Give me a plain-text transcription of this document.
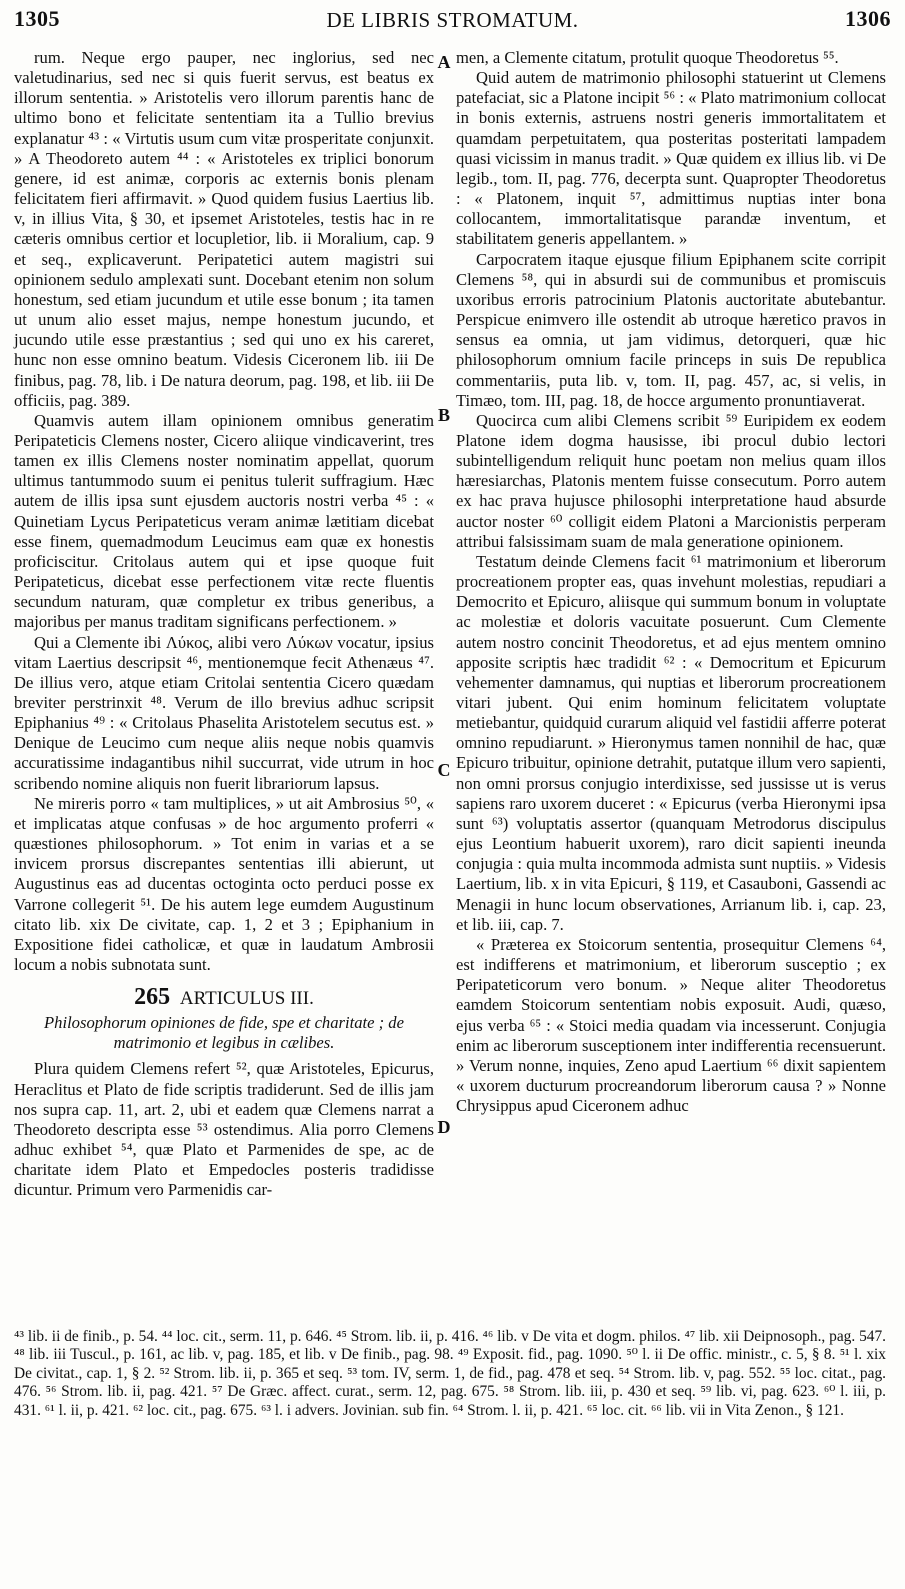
1305	DE LIBRIS STROMATUM.	1306

rum. Neque ergo pauper, nec inglorius, sed nec valetudinarius, sed nec si quis fuerit servus, est beatus ex illorum sententia. » Aristotelis vero illorum parentis hanc de ultimo bono et felicitate sententiam ita a Tullio brevius explanatur ⁴³ : « Virtutis usum cum vitæ prosperitate conjunxit. » A Theodoreto autem ⁴⁴ : « Aristoteles ex triplici bonorum genere, id est animæ, corporis ac externis bonis plenam felicitatem fieri affirmavit. » Quod quidem fusius Laertius lib. v, in illius Vita, § 30, et ipsemet Aristoteles, testis hac in re cæteris omnibus certior et locupletior, lib. ii Moralium, cap. 9 et seq., explicaverunt. Peripatetici autem magistri sui opinionem sedulo amplexati sunt. Docebant etenim non solum honestum, sed etiam jucundum et utile esse bonum ; ita tamen ut unum alio esset majus, nempe honestum jucundo, et jucundo utile esse præstantius ; sed qui uno ex his careret, hunc non esse omnino beatum. Videsis Ciceronem lib. iii De finibus, pag. 78, lib. i De natura deorum, pag. 198, et lib. iii De officiis, pag. 389.

Quamvis autem illam opinionem omnibus generatim Peripateticis Clemens noster, Cicero aliique vindicaverint, tres tamen ex illis Clemens noster nominatim appellat, quorum ultimus tantummodo suum ei penitus tulerit suffragium. Hæc autem de illis ipsa sunt ejusdem auctoris nostri verba ⁴⁵ : « Quinetiam Lycus Peripateticus veram animæ lætitiam dicebat esse finem, quemadmodum Leucimus eam quæ ex honestis proficiscitur. Critolaus autem qui et ipse quoque fuit Peripateticus, dicebat esse perfectionem vitæ recte fluentis secundum naturam, quæ completur ex tribus generibus, a majoribus per manus traditam significans perfectionem. »

Qui a Clemente ibi Λύκος, alibi vero Λύκων vocatur, ipsius vitam Laertius descripsit ⁴⁶, mentionemque fecit Athenæus ⁴⁷. De illius vero, atque etiam Critolai sententia Cicero quædam breviter perstrinxit ⁴⁸. Verum de illo brevius adhuc scripsit Epiphanius ⁴⁹ : « Critolaus Phaselita Aristotelem secutus est. » Denique de Leucimo cum neque aliis neque nobis quamvis accuratissime indagantibus nihil succurrat, vide utrum in hoc scribendo nomine aliquis non fuerit librariorum lapsus.

Ne mireris porro « tam multiplices, » ut ait Ambrosius ⁵⁰, « et implicatas atque confusas » de hoc argumento proferri « quæstiones philosophorum. » Tot enim in varias et a se invicem prorsus discrepantes sententias illi abierunt, ut Augustinus eas ad ducentas octoginta octo perduci posse ex Varrone collegerit ⁵¹. De his autem lege eumdem Augustinum citato lib. xix De civitate, cap. 1, 2 et 3 ; Epiphanium in Expositione fidei catholicæ, et quæ in laudatum Ambrosii locum a nobis subnotata sunt.

265 ARTICULUS III.
Philosophorum opiniones de fide, spe et charitate ; de matrimonio et legibus in cælibes.

Plura quidem Clemens refert ⁵², quæ Aristoteles, Epicurus, Heraclitus et Plato de fide scriptis tradiderunt. Sed de illis jam nos supra cap. 11, art. 2, ubi et eadem quæ Clemens narrat a Theodoreto descripta esse ⁵³ ostendimus. Alia porro Clemens adhuc exhibet ⁵⁴, quæ Plato et Parmenides de spe, ac de charitate idem Plato et Empedocles posteris tradidisse dicuntur. Primum vero Parmenidis car-

A
B
C
D

men, a Clemente citatum, protulit quoque Theodoretus ⁵⁵.

Quid autem de matrimonio philosophi statuerint ut Clemens patefaciat, sic a Platone incipit ⁵⁶ : « Plato matrimonium collocat in bonis externis, astruens nostri generis immortalitatem et quamdam perpetuitatem, qua posteritas posteritati lampadem quasi vicissim in manus tradit. » Quæ quidem ex illius lib. vi De legib., tom. II, pag. 776, decerpta sunt. Quapropter Theodoretus : « Platonem, inquit ⁵⁷, admittimus nuptias inter bona collocantem, immortalitatisque parandæ inventum, et stabilitatem generis appellantem. »

Carpocratem itaque ejusque filium Epiphanem scite corripit Clemens ⁵⁸, qui in absurdi sui de communibus et promiscuis uxoribus erroris patrocinium Platonis auctoritate abutebantur. Perspicue enimvero ille ostendit ab utroque hæretico pravos in sensus ea omnia, ut jam vidimus, detorqueri, quæ hic philosophorum omnium facile princeps in suis De republica commentariis, puta lib. v, tom. II, pag. 457, ac, si velis, in Timæo, tom. III, pag. 18, de hocce argumento pronuntiaverat.

Quocirca cum alibi Clemens scribit ⁵⁹ Euripidem ex eodem Platone idem dogma hausisse, ibi procul dubio lectori subintelligendum reliquit hunc poetam non melius quam illos hæresiarchas, Platonis mentem fuisse consecutum. Porro autem ex hac prava hujusce philosophi interpretatione haud absurde auctor noster ⁶⁰ colligit eidem Platoni a Marcionistis perperam attribui falsissimam suam de mala generatione opinionem.

Testatum deinde Clemens facit ⁶¹ matrimonium et liberorum procreationem propter eas, quas invehunt molestias, repudiari a Democrito et Epicuro, aliisque qui summum bonum in voluptate ac molestiæ et doloris vacuitate posuerunt. Cum Clemente autem nostro concinit Theodoretus, et ad ejus mentem omnino apposite scriptis hæc tradidit ⁶² : « Democritum et Epicurum vehementer damnamus, qui nuptias et liberorum procreationem vitari jubent. Qui enim hominum felicitatem voluptate metiebantur, quidquid curarum aliquid vel fastidii afferre poterat omnino repudiarunt. » Hieronymus tamen nonnihil de hac, quæ Epicuro tribuitur, opinione detrahit, putatque illum vero sapienti, non omni prorsus conjugio interdixisse, sed jussisse ut is verus sapiens raro uxorem duceret : « Epicurus (verba Hieronymi ipsa sunt ⁶³) voluptatis assertor (quanquam Metrodorus discipulus ejus Leontium habuerit uxorem), raro dicit sapienti ineunda conjugia : quia multa incommoda admista sunt nuptiis. » Videsis Laertium, lib. x in vita Epicuri, § 119, et Casauboni, Gassendi ac Menagii in hunc locum observationes, Arrianum lib. i, cap. 23, et lib. iii, cap. 7.

« Præterea ex Stoicorum sententia, prosequitur Clemens ⁶⁴, est indifferens et matrimonium, et liberorum susceptio ; ex Peripateticorum vero bonum. » Neque aliter Theodoretus eamdem Stoicorum sententiam nobis exposuit. Audi, quæso, ejus verba ⁶⁵ : « Stoici media quadam via incesserunt. Conjugia enim ac liberorum susceptionem inter indifferentia recensuerunt. » Verum nonne, inquies, Zeno apud Laertium ⁶⁶ dixit sapientem « uxorem ducturum procreandorum liberorum causa ? » Nonne Chrysippus apud Ciceronem adhuc

⁴³ lib. ii de finib., p. 54. ⁴⁴ loc. cit., serm. 11, p. 646. ⁴⁵ Strom. lib. ii, p. 416. ⁴⁶ lib. v De vita et dogm. philos. ⁴⁷ lib. xii Deipnosoph., pag. 547. ⁴⁸ lib. iii Tuscul., p. 161, ac lib. v, pag. 185, et lib. v De finib., pag. 98. ⁴⁹ Exposit. fid., pag. 1090. ⁵⁰ l. ii De offic. ministr., c. 5, § 8. ⁵¹ l. xix De civitat., cap. 1, § 2. ⁵² Strom. lib. ii, p. 365 et seq. ⁵³ tom. IV, serm. 1, de fid., pag. 478 et seq. ⁵⁴ Strom. lib. v, pag. 552. ⁵⁵ loc. citat., pag. 476. ⁵⁶ Strom. lib. ii, pag. 421. ⁵⁷ De Græc. affect. curat., serm. 12, pag. 675. ⁵⁸ Strom. lib. iii, p. 430 et seq. ⁵⁹ lib. vi, pag. 623. ⁶⁰ l. iii, p. 431. ⁶¹ l. ii, p. 421. ⁶² loc. cit., pag. 675. ⁶³ l. i advers. Jovinian. sub fin. ⁶⁴ Strom. l. ii, p. 421. ⁶⁵ loc. cit. ⁶⁶ lib. vii in Vita Zenon., § 121.
